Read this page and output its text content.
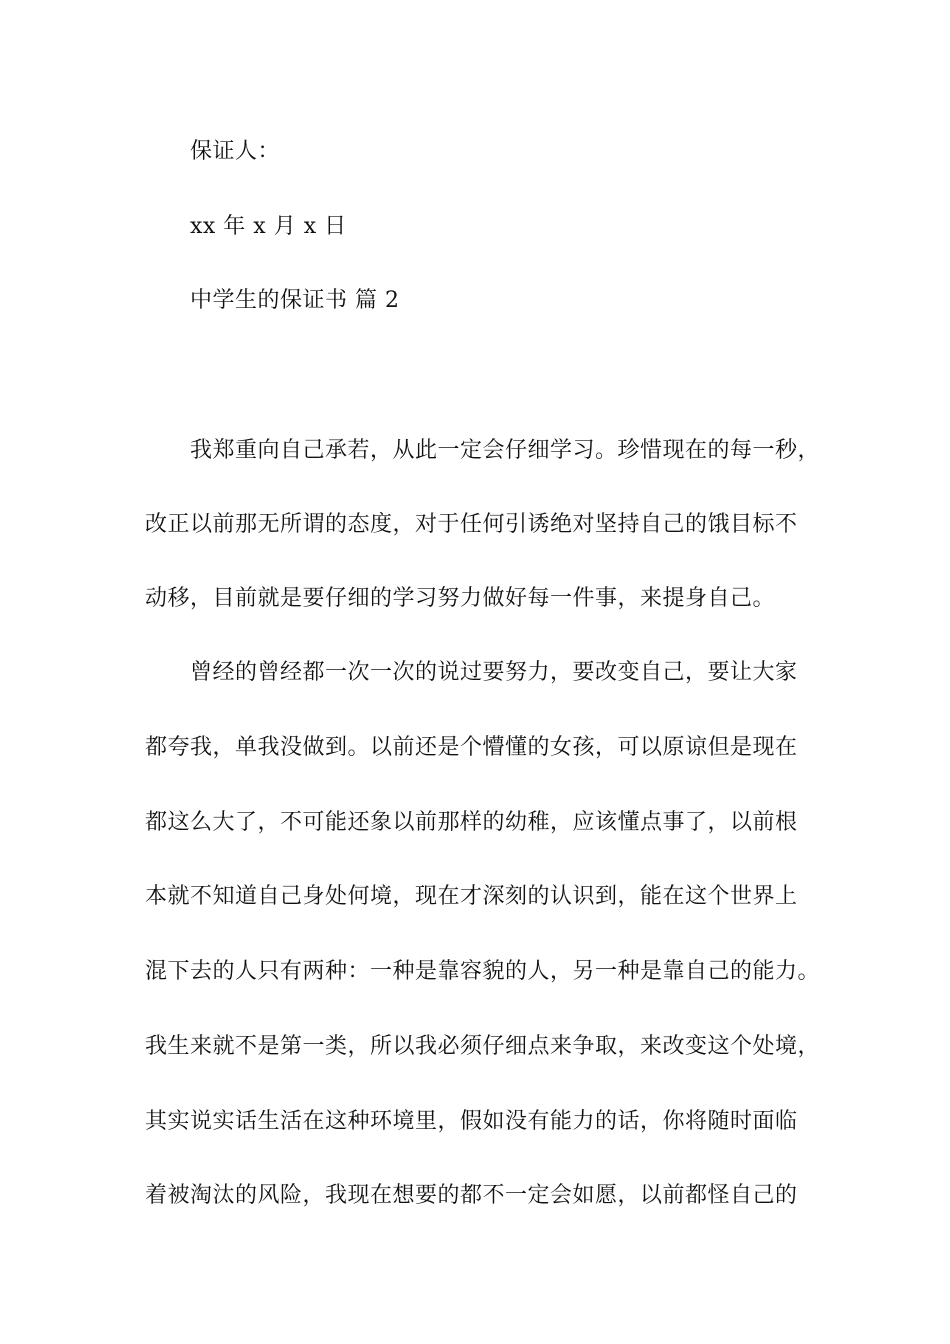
保证人：
xx 年 x 月 x 日
中学生的保证书 篇 2
我郑重向自己承若，从此一定会仔细学习。珍惜现在的每一秒，
改正以前那无所谓的态度，对于任何引诱绝对坚持自己的饿目标不
动移，目前就是要仔细的学习努力做好每一件事，来提身自己。
曾经的曾经都一次一次的说过要努力，要改变自己，要让大家
都夸我，单我没做到。以前还是个懵懂的女孩，可以原谅但是现在
都这么大了，不可能还象以前那样的幼稚，应该懂点事了，以前根
本就不知道自己身处何境，现在才深刻的认识到，能在这个世界上
混下去的人只有两种：一种是靠容貌的人，另一种是靠自己的能力。
我生来就不是第一类，所以我必须仔细点来争取，来改变这个处境，
其实说实话生活在这种环境里，假如没有能力的话，你将随时面临
着被淘汰的风险，我现在想要的都不一定会如愿，以前都怪自己的
